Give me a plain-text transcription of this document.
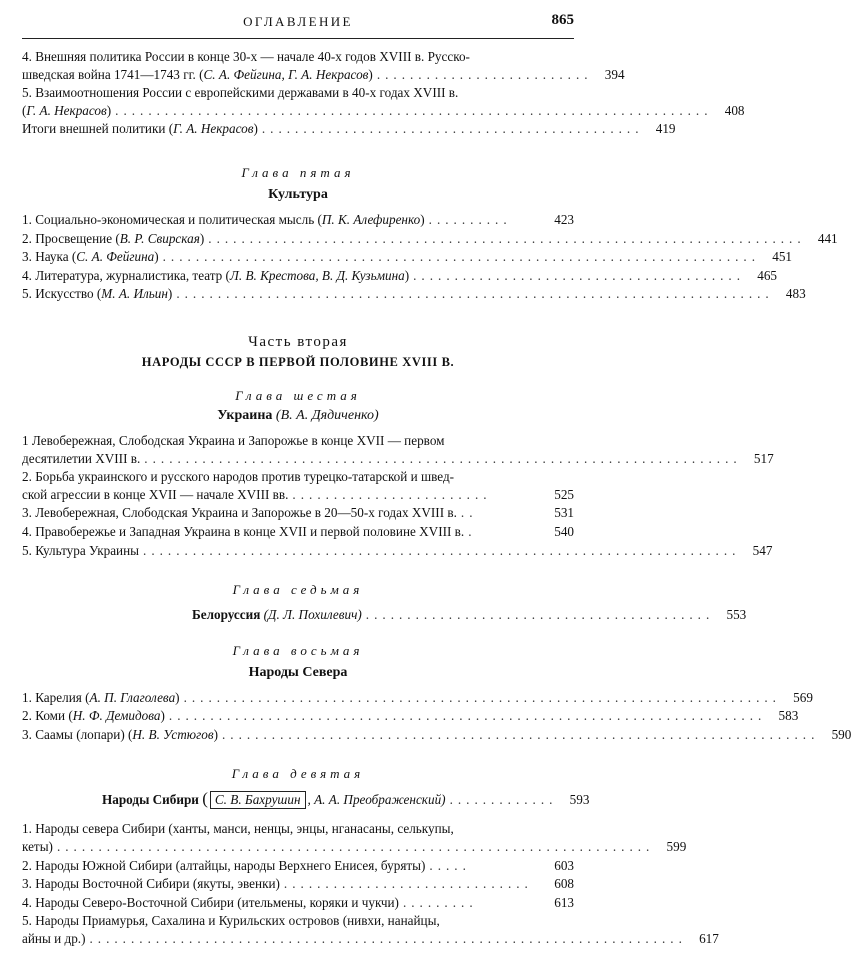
ОГЛАВЛЕНИЕ	865
4. Внешняя политика России в конце 30-х — начале 40-х годов XVIII в. Русско-
шведская война 1741—1743 гг. (С. А. Фейгина, Г. А. Некрасов) .......................... 394
5. Взаимоотношения России с европейскими державами в 40-х годах XVIII в.
(Г. А. Некрасов) ........................................................................ 408
Итоги внешней политики (Г. А. Некрасов) .............................................. 419
Глава пятая
Культура
1. Социально-экономическая и политическая мысль (П. К. Алефиренко) ..........	423
2. Просвещение (В. Р. Свирская) ........................................................................ 441
3. Наука (С. А. Фейгина) ........................................................................ 451
4. Литература, журналистика, театр (Л. В. Крестова, В. Д. Кузьмина) ........................................ 465
5. Искусство (М. А. Ильин) ........................................................................ 483
Часть вторая
НАРОДЫ СССР В ПЕРВОЙ ПОЛОВИНЕ XVIII В.
Глава шестая
Украина (В. А. Дядиченко)
1 Левобережная, Слободская Украина и Запорожье в конце XVII — первом
десятилетии XVIII в. ........................................................................ 517
2. Борьба украинского и русского народов против турецко-татарской и швед-
ской агрессии в конце XVII — начале XVIII вв. ........................	525
3. Левобережная, Слободская Украина и Запорожье в 20—50-х годах XVIII в. ..	531
4. Правобережье и Западная Украина в конце XVII и первой половине XVIII в. .	540
5. Культура Украины ........................................................................ 547
Глава седьмая
Белоруссия (Д. Л. Похилевич) .......................................... 553
Глава восьмая
Народы Севера
1. Карелия (А. П. Глаголева) ........................................................................ 569
2. Коми (Н. Ф. Демидова) ........................................................................ 583
3. Саамы (лопари) (Н. В. Устюгов) ........................................................................ 590
Глава девятая
Народы Сибири ( С. В. Бахрушин , А. А. Преображенский) ............. 593
1. Народы севера Сибири (ханты, манси, ненцы, энцы, нганасаны, селькупы,
кеты) ........................................................................ 599
2. Народы Южной Сибири (алтайцы, народы Верхнего Енисея, буряты) .....	603
3. Народы Восточной Сибири (якуты, эвенки) ..............................	608
4. Народы Северо-Восточной Сибири (ительмены, коряки и чукчи) .........	613
5. Народы Приамурья, Сахалина и Курильских островов (нивхи, нанайцы,
айны и др.) ........................................................................ 617
